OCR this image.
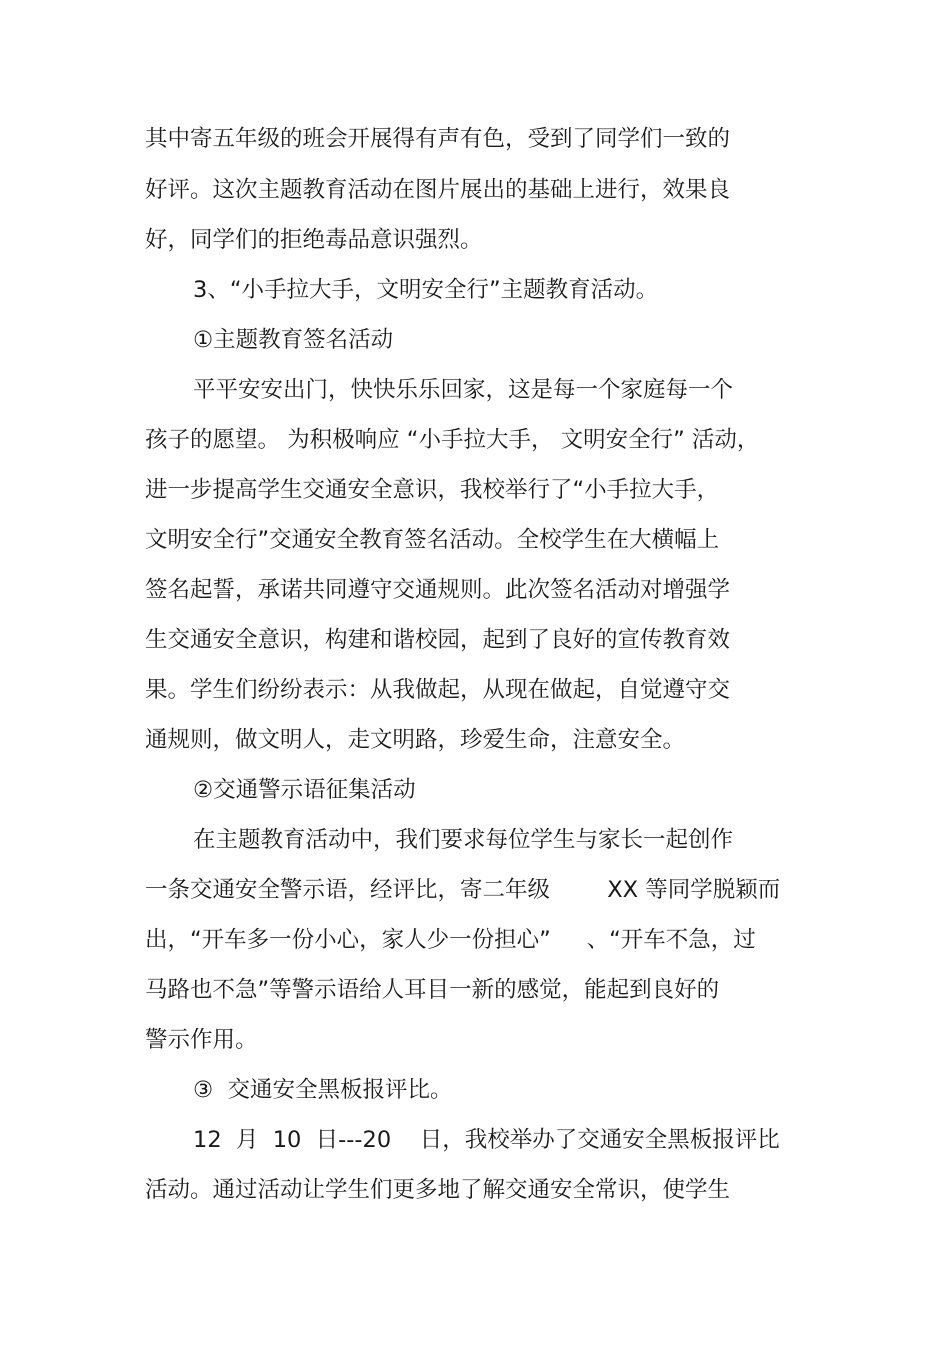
其中寄五年级的班会开展得有声有色，受到了同学们一致的
好评。这次主题教育活动在图片展出的基础上进行，效果良
好，同学们的拒绝毒品意识强烈。
3、“小手拉大手，文明安全行”主题教育活动。
①主题教育签名活动
平平安安出门，快快乐乐回家，这是每一个家庭每一个
孩子的愿望。 为积极响应 “小手拉大手， 文明安全行” 活动，
进一步提高学生交通安全意识，我校举行了“小手拉大手，
文明安全行”交通安全教育签名活动。全校学生在大横幅上
签名起誓，承诺共同遵守交通规则。此次签名活动对增强学
生交通安全意识，构建和谐校园，起到了良好的宣传教育效
果。学生们纷纷表示：从我做起，从现在做起，自觉遵守交
通规则，做文明人，走文明路，珍爱生命，注意安全。
②交通警示语征集活动
在主题教育活动中，我们要求每位学生与家长一起创作
一条交通安全警示语，经评比，寄二年级        XX 等同学脱颖而
出，“开车多一份小心，家人少一份担心”     、“开车不急，过
马路也不急”等警示语给人耳目一新的感觉，能起到良好的
警示作用。
③  交通安全黑板报评比。
12  月  10  日---20    日，我校举办了交通安全黑板报评比
活动。通过活动让学生们更多地了解交通安全常识，使学生
